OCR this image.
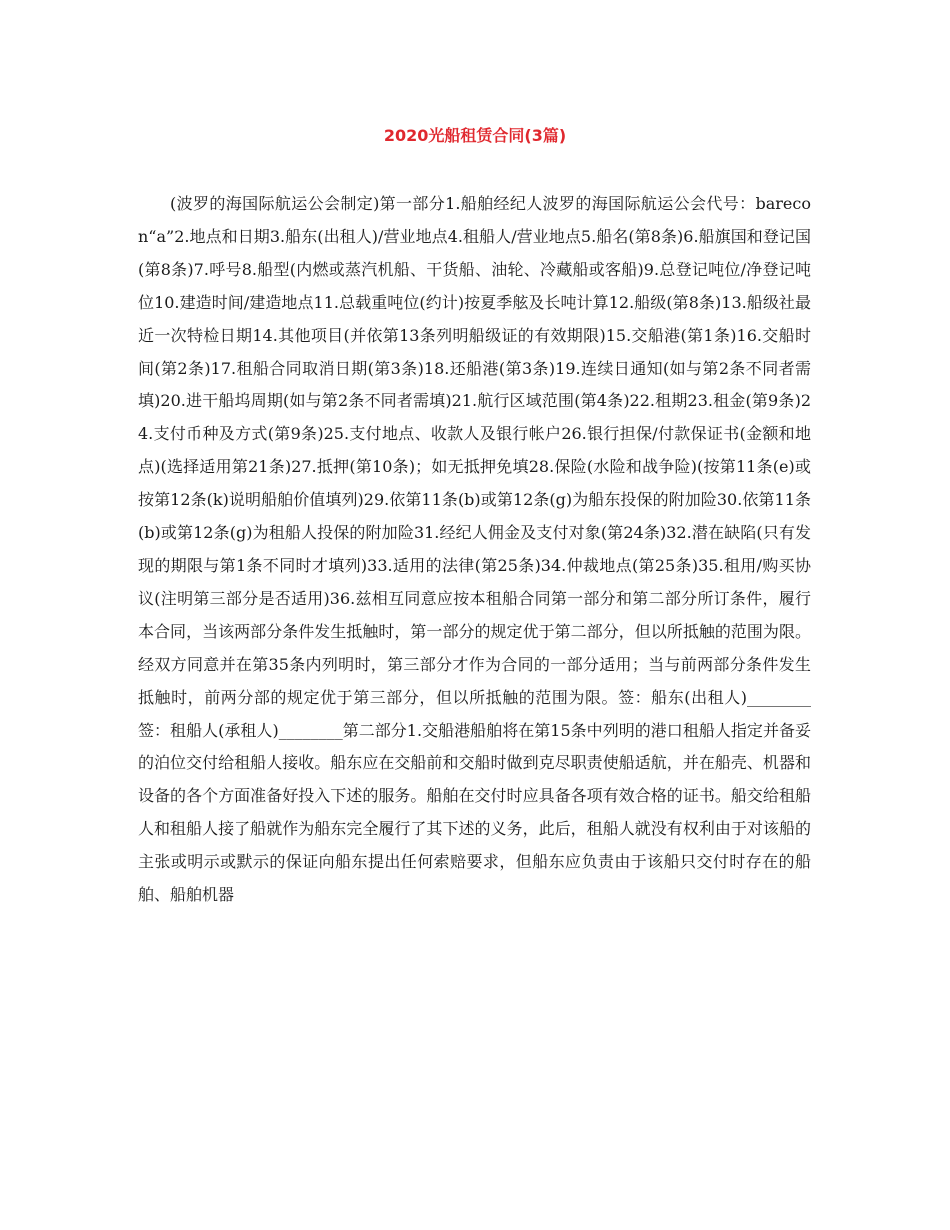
2020光船租赁合同(3篇)

(波罗的海国际航运公会制定)第一部分1.船舶经纪人波罗的海国际航运公会代号：barecon“a”2.地点和日期3.船东(出租人)/营业地点4.租船人/营业地点5.船名(第8条)6.船旗国和登记国(第8条)7.呼号8.船型(内燃或蒸汽机船、干货船、油轮、冷藏船或客船)9.总登记吨位/净登记吨位10.建造时间/建造地点11.总载重吨位(约计)按夏季舷及长吨计算12.船级(第8条)13.船级社最近一次特检日期14.其他项目(并依第13条列明船级证的有效期限)15.交船港(第1条)16.交船时间(第2条)17.租船合同取消日期(第3条)18.还船港(第3条)19.连续日通知(如与第2条不同者需填)20.进干船坞周期(如与第2条不同者需填)21.航行区域范围(第4条)22.租期23.租金(第9条)24.支付币种及方式(第9条)25.支付地点、收款人及银行帐户26.银行担保/付款保证书(金额和地点)(选择适用第21条)27.抵押(第10条)；如无抵押免填28.保险(水险和战争险)(按第11条(e)或按第12条(k)说明船舶价值填列)29.依第11条(b)或第12条(g)为船东投保的附加险30.依第11条(b)或第12条(g)为租船人投保的附加险31.经纪人佣金及支付对象(第24条)32.潜在缺陷(只有发现的期限与第1条不同时才填列)33.适用的法律(第25条)34.仲裁地点(第25条)35.租用/购买协议(注明第三部分是否适用)36.兹相互同意应按本租船合同第一部分和第二部分所订条件，履行本合同，当该两部分条件发生抵触时，第一部分的规定优于第二部分，但以所抵触的范围为限。经双方同意并在第35条内列明时，第三部分才作为合同的一部分适用；当与前两部分条件发生抵触时，前两分部的规定优于第三部分，但以所抵触的范围为限。签：船东(出租人)________签：租船人(承租人)________第二部分1.交船港船舶将在第15条中列明的港口租船人指定并备妥的泊位交付给租船人接收。船东应在交船前和交船时做到克尽职责使船适航，并在船壳、机器和设备的各个方面准备好投入下述的服务。船舶在交付时应具备各项有效合格的证书。船交给租船人和租船人接了船就作为船东完全履行了其下述的义务，此后，租船人就没有权利由于对该船的主张或明示或默示的保证向船东提出任何索赔要求，但船东应负责由于该船只交付时存在的船舶、船舶机器
